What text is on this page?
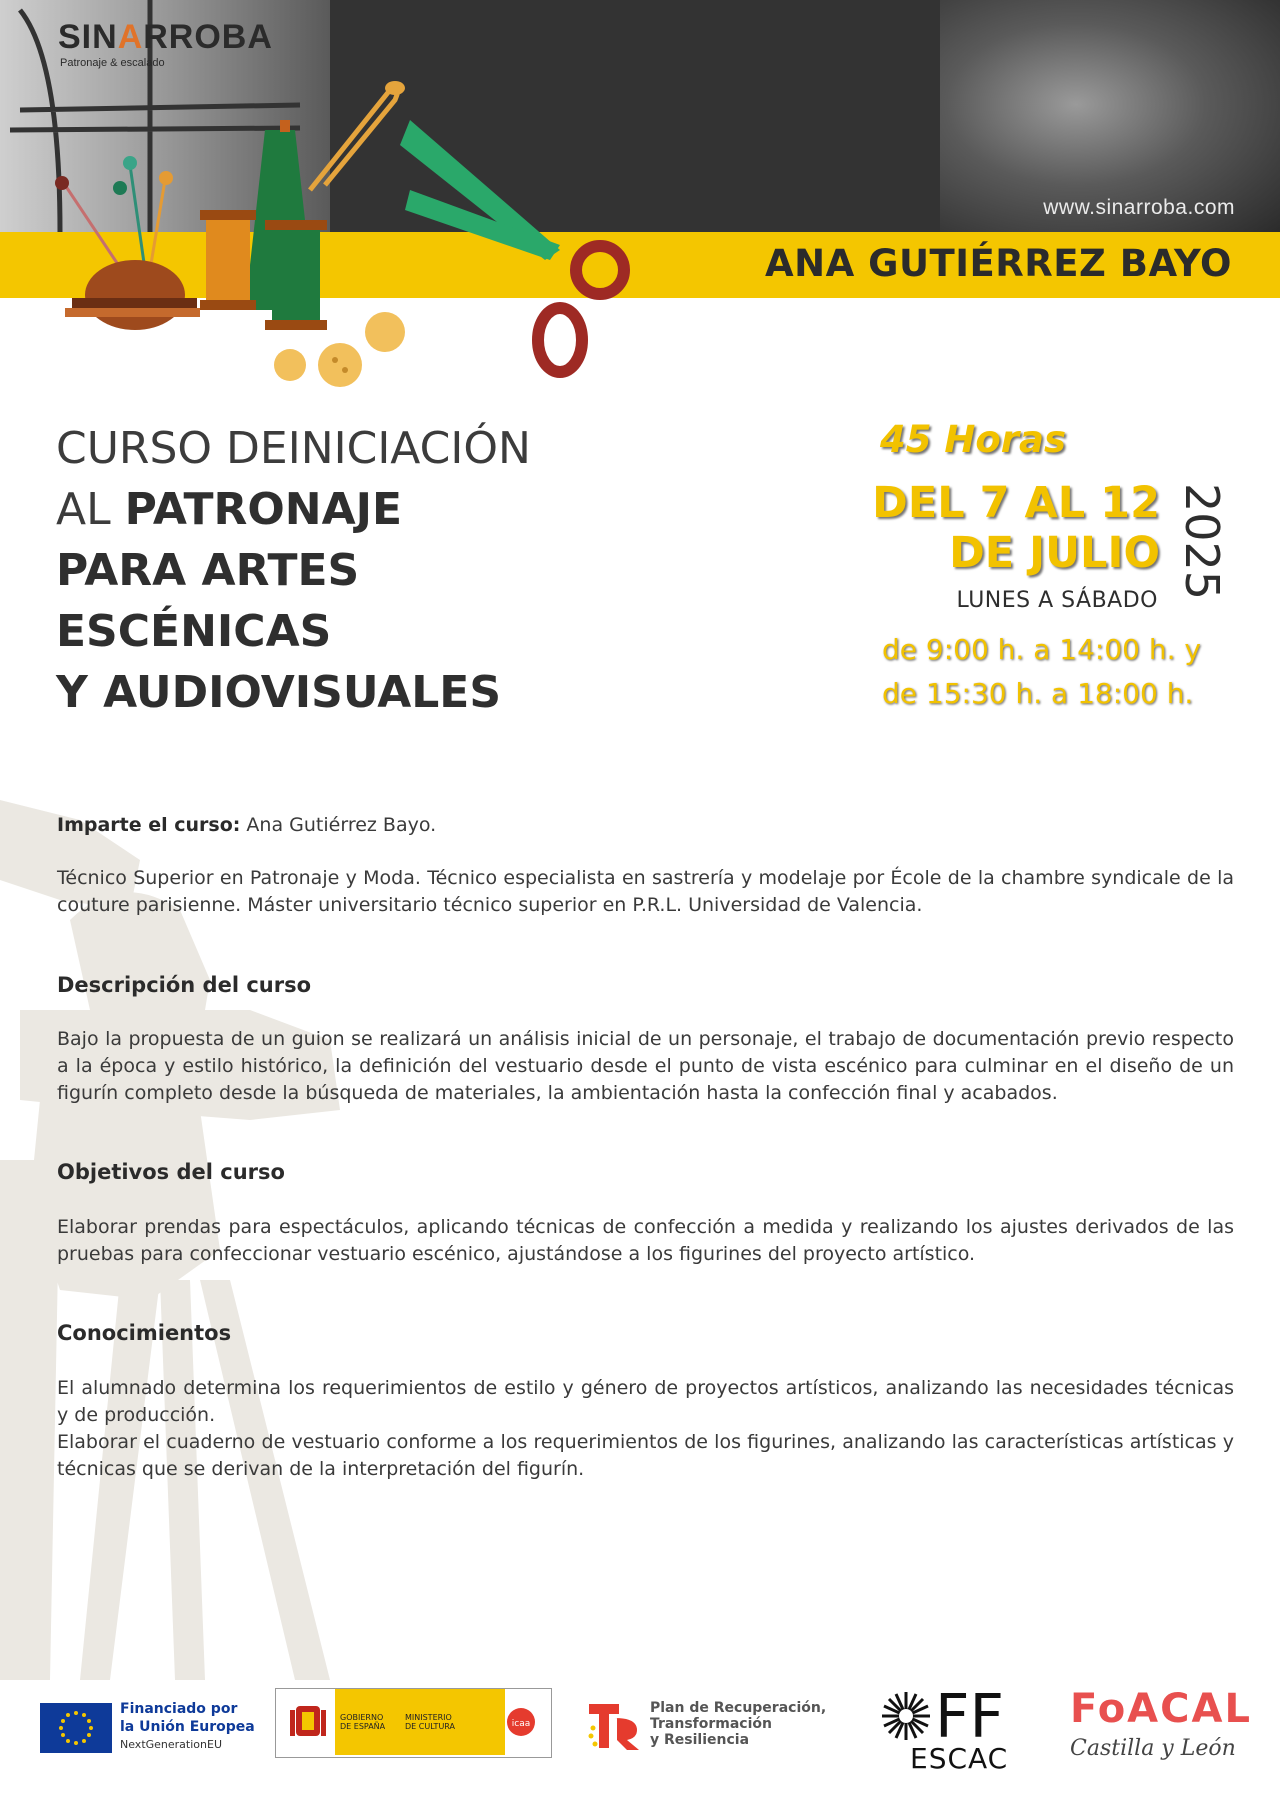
SINARROBA
Patronaje & escalado
www.sinarroba.com
ANA GUTIÉRREZ BAYO
CURSO DEINICIACIÓN
AL PATRONAJE
PARA ARTES
ESCÉNICAS
Y AUDIOVISUALES
45 Horas
DEL 7 AL 12
DE JULIO
LUNES A SÁBADO
2025
de 9:00 h. a 14:00 h. y
de 15:30 h. a 18:00 h.
Imparte el curso: Ana Gutiérrez Bayo.
Técnico Superior en Patronaje y Moda. Técnico especialista en sastrería y modelaje por École de la chambre syndicale de la couture parisienne. Máster universitario técnico superior en P.R.L. Universidad de Valencia.
Descripción del curso
Bajo la propuesta de un guion se realizará un análisis inicial de un personaje, el trabajo de documentación previo respecto a la época y estilo histórico, la definición del vestuario desde el punto de vista escénico para culminar en el diseño de un figurín completo desde la búsqueda de materiales, la ambientación hasta la confección final y acabados.
Objetivos del curso
Elaborar prendas para espectáculos, aplicando técnicas de confección a medida y realizando los ajustes derivados de las pruebas para confeccionar vestuario escénico, ajustándose a los figurines del proyecto artístico.
Conocimientos
El alumnado determina los requerimientos de estilo y género de proyectos artísticos, analizando las necesidades técnicas y de producción.
Elaborar el cuaderno de vestuario conforme a los requerimientos de los figurines, analizando las características artísticas y técnicas que se derivan de la interpretación del figurín.
Financiado por
la Unión Europea
NextGenerationEU
GOBIERNO
DE ESPAÑA
MINISTERIO
DE CULTURA	icaa
Plan de Recuperación,
Transformación
y Resiliencia	FF
ESCAC
FoACAL
Castilla y León
